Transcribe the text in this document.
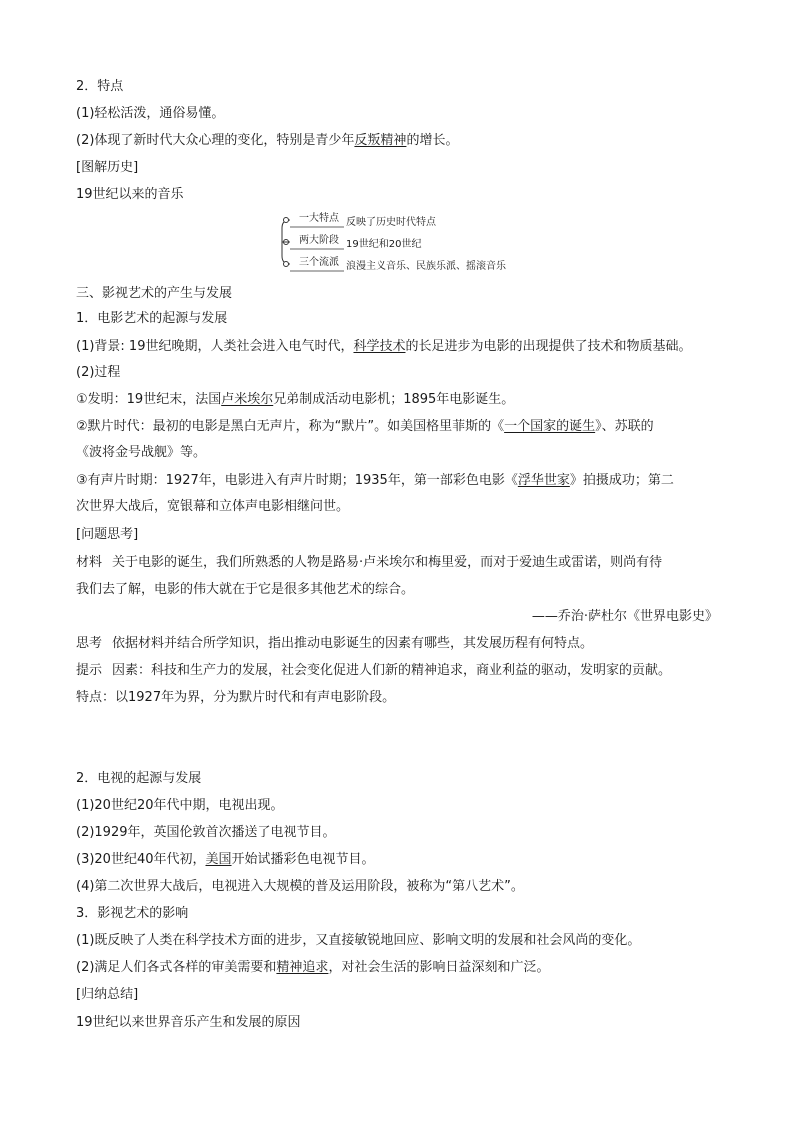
2．特点
(1)轻松活泼，通俗易懂。
(2)体现了新时代大众心理的变化，特别是青少年反叛精神的增长。
[图解历史]
19世纪以来的音乐
一大特点 反映了历史时代特点
两大阶段 19世纪和20世纪
三个流派 浪漫主义音乐、民族乐派、摇滚音乐
三、影视艺术的产生与发展
1．电影艺术的起源与发展
(1)背景: 19世纪晚期，人类社会进入电气时代，科学技术的长足进步为电影的出现提供了技术和物质基础。
(2)过程
①发明：19世纪末，法国卢米埃尔兄弟制成活动电影机；1895年电影诞生。
②默片时代：最初的电影是黑白无声片，称为“默片”。如美国格里菲斯的《一个国家的诞生》、苏联的
《波将金号战舰》等。
③有声片时期：1927年，电影进入有声片时期；1935年，第一部彩色电影《浮华世家》拍摄成功；第二
次世界大战后，宽银幕和立体声电影相继问世。
[问题思考]
材料 关于电影的诞生，我们所熟悉的人物是路易·卢米埃尔和梅里爱，而对于爱迪生或雷诺，则尚有待
我们去了解，电影的伟大就在于它是很多其他艺术的综合。
——乔治·萨杜尔《世界电影史》
思考 依据材料并结合所学知识，指出推动电影诞生的因素有哪些，其发展历程有何特点。
提示 因素：科技和生产力的发展，社会变化促进人们新的精神追求，商业利益的驱动，发明家的贡献。
特点：以1927年为界，分为默片时代和有声电影阶段。
2．电视的起源与发展
(1)20世纪20年代中期，电视出现。
(2)1929年，英国伦敦首次播送了电视节目。
(3)20世纪40年代初，美国开始试播彩色电视节目。
(4)第二次世界大战后，电视进入大规模的普及运用阶段，被称为“第八艺术”。
3．影视艺术的影响
(1)既反映了人类在科学技术方面的进步，又直接敏锐地回应、影响文明的发展和社会风尚的变化。
(2)满足人们各式各样的审美需要和精神追求，对社会生活的影响日益深刻和广泛。
[归纳总结]
19世纪以来世界音乐产生和发展的原因
